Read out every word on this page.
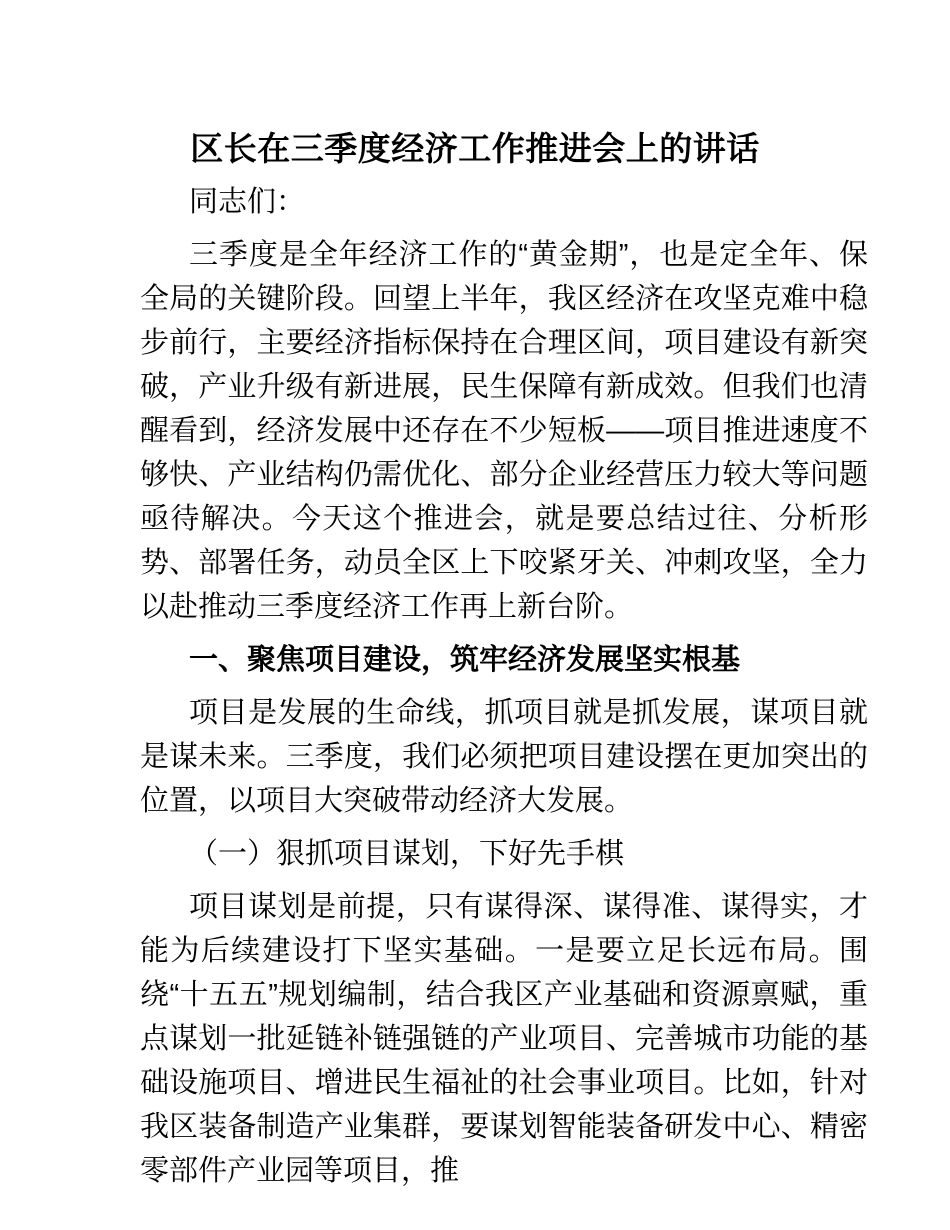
区长在三季度经济工作推进会上的讲话

同志们：

三季度是全年经济工作的“黄金期”，也是定全年、保全局的关键阶段。回望上半年，我区经济在攻坚克难中稳步前行，主要经济指标保持在合理区间，项目建设有新突破，产业升级有新进展，民生保障有新成效。但我们也清醒看到，经济发展中还存在不少短板——项目推进速度不够快、产业结构仍需优化、部分企业经营压力较大等问题亟待解决。今天这个推进会，就是要总结过往、分析形势、部署任务，动员全区上下咬紧牙关、冲刺攻坚，全力以赴推动三季度经济工作再上新台阶。

一、聚焦项目建设，筑牢经济发展坚实根基

项目是发展的生命线，抓项目就是抓发展，谋项目就是谋未来。三季度，我们必须把项目建设摆在更加突出的位置，以项目大突破带动经济大发展。

（一）狠抓项目谋划，下好先手棋

项目谋划是前提，只有谋得深、谋得准、谋得实，才能为后续建设打下坚实基础。一是要立足长远布局。围绕“十五五”规划编制，结合我区产业基础和资源禀赋，重点谋划一批延链补链强链的产业项目、完善城市功能的基础设施项目、增进民生福祉的社会事业项目。比如，针对我区装备制造产业集群，要谋划智能装备研发中心、精密零部件产业园等项目，推
